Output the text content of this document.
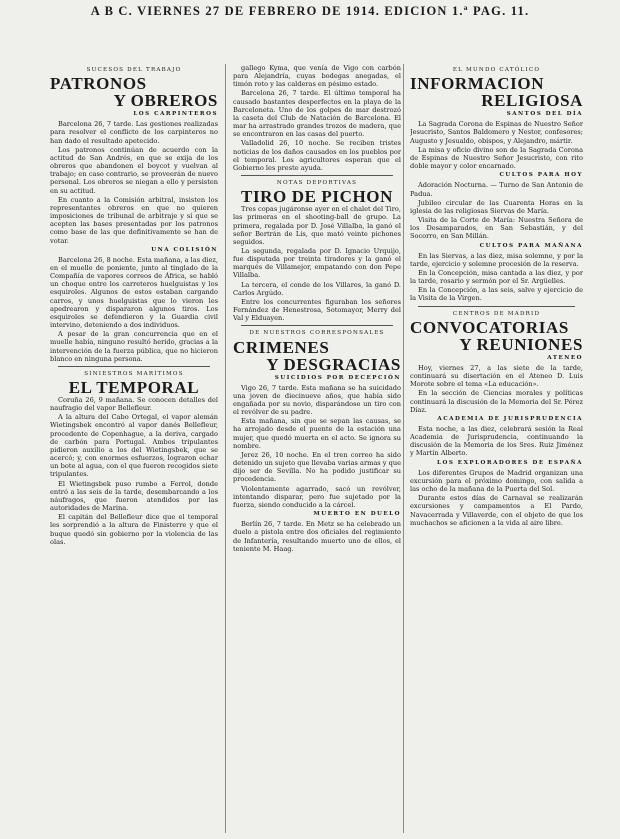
A B C. VIERNES 27 DE FEBRERO DE 1914. EDICION 1.ª PAG. 11.
SUCESOS DEL TRABAJO
PATRONOS
Y OBREROS
LOS CARPINTEROS

Barcelona 26, 7 tarde. Las gestiones realizadas para resolver el conflicto de los carpinteros no han dado el resultado apetecido.

Los patronos continúan de acuerdo con la actitud de San Andrés, en que se exija de los obreros que abandonen el boycot y vuelvan al trabajo; en caso contrario, se proveerán de nuevo personal. Los obreros se niegan a ello y persisten en su actitud.

En cuanto a la Comisión arbitral, insisten los representantes obreros en que no quieren imposiciones de tribunal de arbitraje y sí que se acepten las bases presentadas por los patronos como base de las que definitivamente se han de votar.

UNA COLISIÓN

Barcelona 26, 8 noche. Esta mañana, a las diez, en el muelle de poniente, junto al tinglado de la Compañía de vapores correos de África, se habló un choque entre los carreteros huelguistas y los esquiroles. Algunos de estos estaban cargando carros, y unos huelguistas que lo vieron les apedrearon y dispararon algunos tiros. Los esquiroles se defendieron y la Guardia civil intervino, deteniendo a dos individuos.

A pesar de la gran concurrencia que en el muelle había, ninguno resultó herido, gracias a la intervención de la fuerza pública, que no hicieron blanco en ninguna persona.

SINIESTROS MARÍTIMOS
EL TEMPORAL

Coruña 26, 9 mañana. Se conocen detalles del naufragio del vapor Bellefleur.

A la altura del Cabo Ortegal, el vapor alemán Wietingsbek encontró al vapor danés Bellefleur, procedente de Copenhague, a la deriva, cargado de carbón para Portugal. Ambos tripulantes pidieron auxilio a los del Wietingsbek, que se acercó; y, con enormes esfuerzos, lograron echar un bote al agua, con el que fueron recogidos siete tripulantes.

El Wietingsbek puso rumbo a Ferrol, donde entró a las seis de la tarde, desembarcando a los náufragos, que fueron atendidos por las autoridades de Marina.

El capitán del Bellefleur dice que el temporal les sorprendió a la altura de Finisterre y que el buque quedó sin gobierno por la violencia de las olas.

gallego Kyma, que venía de Vigo con carbón para Alejandría, cuyas bodegas anegadas, el timón roto y las calderas en pésimo estado.

Barcelona 26, 7 tarde. El último temporal ha causado bastantes desperfectos en la playa de la Barceloneta. Uno de los golpes de mar destrozó la caseta del Club de Natación de Barcelona. El mar ha arrastrado grandes trozos de madera, que se encontraron en las casas del puerto.

Valladolid 26, 10 noche. Se reciben tristes noticias de los daños causados en los pueblos por el temporal. Los agricultores esperan que el Gobierno les preste ayuda.

NOTAS DEPORTIVAS
TIRO DE PICHON

Tres copas jugáronse ayer en el chalet del Tiro, las primeras en el shooting-ball de grupo. La primera, regalada por D. José Villalba, la ganó el señor Bertrán de Lis, que mató veinte pichones seguidos.

La segunda, regalada por D. Ignacio Urquijo, fue disputada por treinta tiradores y la ganó el marqués de Villamejor, empatando con don Pepe Villalba.

La tercera, el conde de los Villares, la ganó D. Carlos Argúdo.

Entre los concurrentes figuraban los señores Fernández de Henestrosa, Sotomayor, Merry del Val y Elduayen.

DE NUESTROS CORRESPONSALES
CRIMENES
Y DESGRACIAS
SUICIDIOS POR DECEPCIÓN

Vigo 26, 7 tarde. Esta mañana se ha suicidado una joven de diecinueve años, que había sido engañada por su novio, disparándose un tiro con el revólver de su padre.

Esta mañana, sin que se sepan las causas, se ha arrojado desde el puente de la estación una mujer, que quedó muerta en el acto. Se ignora su nombre.

Jerez 26, 10 noche. En el tren correo ha sido detenido un sujeto que llevaba varias armas y que dijo ser de Sevilla. No ha podido justificar su procedencia.

Violentamente agarrado, sacó un revólver, intentando disparar, pero fue sujetado por la fuerza, siendo conducido a la cárcel.

MUERTO EN DUELO

Berlín 26, 7 tarde. En Metz se ha celebrado un duelo a pistola entre dos oficiales del regimiento de Infantería, resultando muerto uno de ellos, el teniente M. Haag.

EL MUNDO CATÓLICO
INFORMACION
RELIGIOSA
SANTOS DEL DÍA

La Sagrada Corona de Espinas de Nuestro Señor Jesucristo, Santos Baldomero y Nestor, confesores; Augusto y Jesualdo, obispos, y Alejandro, mártir.

La misa y oficio divino son de la Sagrada Corona de Espinas de Nuestro Señor Jesucristo, con rito doble mayor y color encarnado.

CULTOS PARA HOY

Adoración Nocturna. — Turno de San Antonio de Padua.

Jubileo circular de las Cuarenta Horas en la iglesia de las religiosas Siervas de María.

Visita de la Corte de María: Nuestra Señora de los Desamparados, en San Sebastián, y del Socorro, en San Millán.

CULTOS PARA MAÑANA

En las Siervas, a las diez, misa solemne, y por la tarde, ejercicio y solemne procesión de la reserva.

En la Concepción, misa cantada a las diez, y por la tarde, rosario y sermón por el Sr. Argüelles.

En la Concepción, a las seis, salve y ejercicio de la Visita de la Virgen.

CENTROS DE MADRID
CONVOCATORIAS
Y REUNIONES
ATENEO

Hoy, viernes 27, a las siete de la tarde, continuará su disertación en el Ateneo D. Luis Morote sobre el tema «La educación».

En la sección de Ciencias morales y políticas continuará la discusión de la Memoria del Sr. Pérez Díaz.

ACADEMIA DE JURISPRUDENCIA

Esta noche, a las diez, celebrará sesión la Real Academia de Jurisprudencia, continuando la discusión de la Memoria de los Sres. Ruiz Jiménez y Martín Alberto.

LOS EXPLORADORES DE ESPAÑA

Los diferentes Grupos de Madrid organizan una excursión para el próximo domingo, con salida a las ocho de la mañana de la Puerta del Sol.

Durante estos días de Carnaval se realizarán excursiones y campamentos a El Pardo, Navacerrada y Villaverde, con el objeto de que los muchachos se aficionen a la vida al aire libre.
